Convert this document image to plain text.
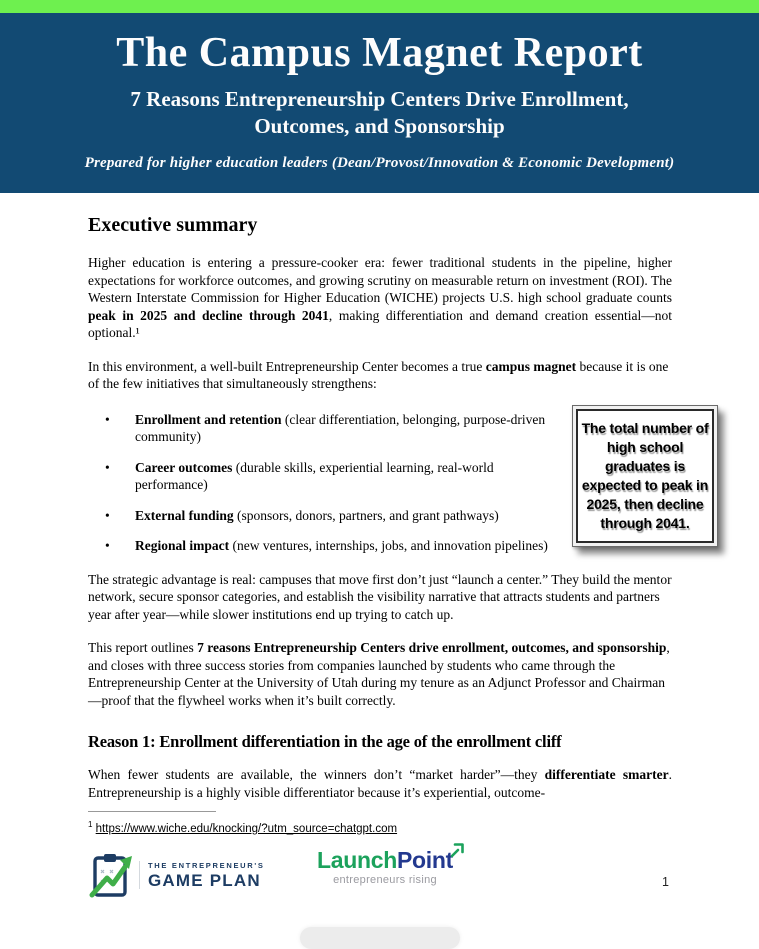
The Campus Magnet Report
7 Reasons Entrepreneurship Centers Drive Enrollment, Outcomes, and Sponsorship
Prepared for higher education leaders (Dean/Provost/Innovation & Economic Development)
Executive summary

Higher education is entering a pressure-cooker era: fewer traditional students in the pipeline, higher expectations for workforce outcomes, and growing scrutiny on measurable return on investment (ROI). The Western Interstate Commission for Higher Education (WICHE) projects U.S. high school graduate counts peak in 2025 and decline through 2041, making differentiation and demand creation essential—not optional.¹

In this environment, a well-built Entrepreneurship Center becomes a true campus magnet because it is one of the few initiatives that simultaneously strengthens:

The total number of high school graduates is expected to peak in 2025, then decline through 2041.

• Enrollment and retention (clear differentiation, belonging, purpose-driven community)
• Career outcomes (durable skills, experiential learning, real-world performance)
• External funding (sponsors, donors, partners, and grant pathways)
• Regional impact (new ventures, internships, jobs, and innovation pipelines)

The strategic advantage is real: campuses that move first don’t just “launch a center.” They build the mentor network, secure sponsor categories, and establish the visibility narrative that attracts students and partners year after year—while slower institutions end up trying to catch up.

This report outlines 7 reasons Entrepreneurship Centers drive enrollment, outcomes, and sponsorship, and closes with three success stories from companies launched by students who came through the Entrepreneurship Center at the University of Utah during my tenure as an Adjunct Professor and Chairman—proof that the flywheel works when it’s built correctly.

Reason 1: Enrollment differentiation in the age of the enrollment cliff

When fewer students are available, the winners don’t “market harder”—they differentiate smarter. Entrepreneurship is a highly visible differentiator because it’s experiential, outcome-

$^1$ https://www.wiche.edu/knocking/?utm_source=chatgpt.com

THE ENTREPRENEUR'S
GAME PLAN
LaunchPoint
entrepreneurs rising	1
